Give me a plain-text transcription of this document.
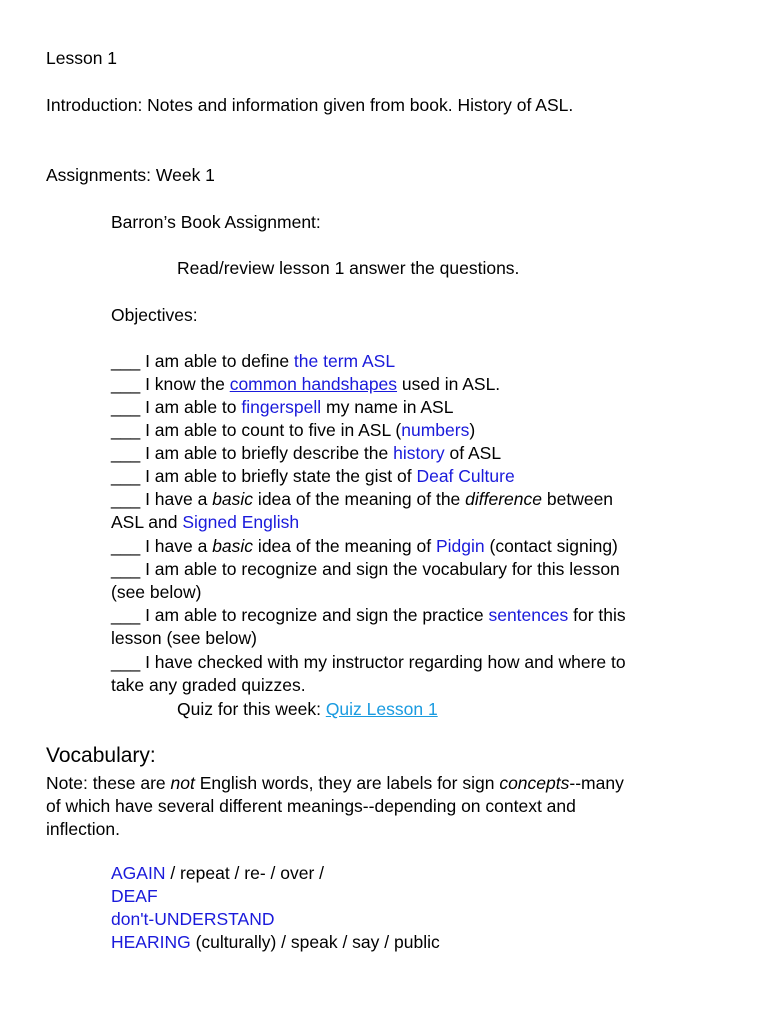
Lesson 1
Introduction: Notes and information given from book. History of ASL.
Assignments: Week 1
Barron’s Book Assignment:
Read/review lesson 1 answer the questions.
Objectives:
___ I am able to define the term ASL
___ I know the common handshapes used in ASL.
___ I am able to fingerspell my name in ASL
___ I am able to count to five in ASL (numbers)
___ I am able to briefly describe the history of ASL
___ I am able to briefly state the gist of Deaf Culture
___ I have a basic idea of the meaning of the difference between
ASL and Signed English
___ I have a basic idea of the meaning of Pidgin (contact signing)
___ I am able to recognize and sign the vocabulary for this lesson
(see below)
___ I am able to recognize and sign the practice sentences for this
lesson (see below)
___ I have checked with my instructor regarding how and where to
take any graded quizzes.
Quiz for this week: Quiz Lesson 1
Vocabulary:
Note: these are not English words, they are labels for sign concepts--many
of which have several different meanings--depending on context and
inflection.
AGAIN / repeat / re- / over /
DEAF
don't-UNDERSTAND
HEARING (culturally) / speak / say / public
